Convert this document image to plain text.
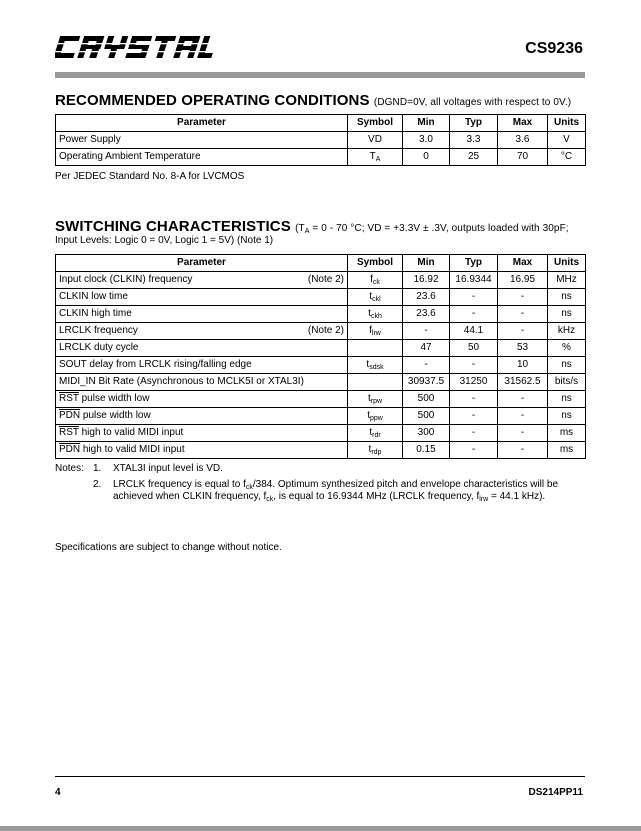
CS9236
RECOMMENDED OPERATING CONDITIONS (DGND=0V, all voltages with respect to 0V.)
Parameter	Symbol	Min	Typ	Max	Units
Power Supply	VD	3.0	3.3	3.6	V
Operating Ambient Temperature	$T_A$	0	25	70	°C
Per JEDEC Standard No. 8-A for LVCMOS
SWITCHING CHARACTERISTICS ($T_A = 0 - 70$ °C; VD = +3.3V ± .3V, outputs loaded with 30pF;
Input Levels: Logic 0 = 0V, Logic 1 = 5V) (Note 1)
Parameter	Symbol	Min	Typ	Max	Units
Input clock (CLKIN) frequency (Note 2)	$f_{ck}$	16.92	16.9344	16.95	MHz
CLKIN low time	$t_{ckl}$	23.6	-	-	ns
CLKIN high time	$t_{ckh}$	23.6	-	-	ns
LRCLK frequency (Note 2)	$f_{lrw}$	-	44.1	-	kHz
LRCLK duty cycle		47	50	53	%
SOUT delay from LRCLK rising/falling edge	$t_{sdsk}$	-	-	10	ns
MIDI_IN Bit Rate (Asynchronous to MCLK5I or XTAL3I)		30937.5	31250	31562.5	bits/s
$\overline{RST}$ pulse width low	$t_{rpw}$	500	-	-	ns
$\overline{PDN}$ pulse width low	$t_{ppw}$	500	-	-	ns
$\overline{RST}$ high to valid MIDI input	$t_{rdr}$	300	-	-	ms
$\overline{PDN}$ high to valid MIDI input	$t_{rdp}$	0.15	-	-	ms
Notes: 1.	XTAL3I input level is VD.
2.	LRCLK frequency is equal to $f_{ck}/384$. Optimum synthesized pitch and envelope characteristics will be achieved when CLKIN frequency, $f_{ck}$, is equal to 16.9344 MHz (LRCLK frequency, $f_{lrw} = 44.1$ kHz).
Specifications are subject to change without notice.
4	DS214PP11
